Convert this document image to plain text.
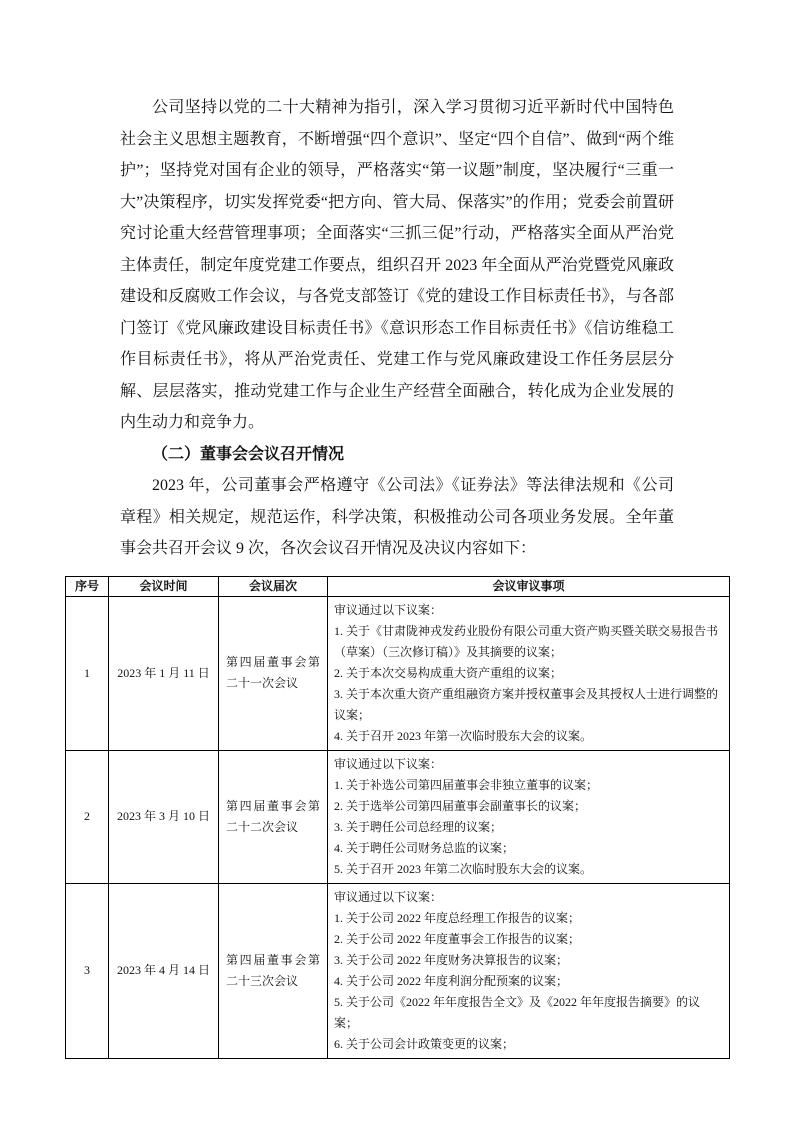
公司坚持以党的二十大精神为指引，深入学习贯彻习近平新时代中国特色社会主义思想主题教育，不断增强“四个意识”、坚定“四个自信”、做到“两个维护”；坚持党对国有企业的领导，严格落实“第一议题”制度，坚决履行“三重一大”决策程序，切实发挥党委“把方向、管大局、保落实”的作用；党委会前置研究讨论重大经营管理事项；全面落实“三抓三促”行动，严格落实全面从严治党主体责任，制定年度党建工作要点，组织召开 2023 年全面从严治党暨党风廉政建设和反腐败工作会议，与各党支部签订《党的建设工作目标责任书》，与各部门签订《党风廉政建设目标责任书》《意识形态工作目标责任书》《信访维稳工作目标责任书》，将从严治党责任、党建工作与党风廉政建设工作任务层层分解、层层落实，推动党建工作与企业生产经营全面融合，转化成为企业发展的内生动力和竞争力。

（二）董事会会议召开情况

2023 年，公司董事会严格遵守《公司法》《证券法》等法律法规和《公司章程》相关规定，规范运作，科学决策，积极推动公司各项业务发展。全年董事会共召开会议 9 次，各次会议召开情况及决议内容如下：

序号	会议时间	会议届次	会议审议事项
1	2023 年 1 月 11 日	第四届董事会第二十一次会议	审议通过以下议案：
1. 关于《甘肃陇神戎发药业股份有限公司重大资产购买暨关联交易报告书（草案）（三次修订稿）》及其摘要的议案；
2. 关于本次交易构成重大资产重组的议案；
3. 关于本次重大资产重组融资方案并授权董事会及其授权人士进行调整的议案；
4. 关于召开 2023 年第一次临时股东大会的议案。

2	2023 年 3 月 10 日	第四届董事会第二十二次会议	
审议通过以下议案：
1. 关于补选公司第四届董事会非独立董事的议案；
2. 关于选举公司第四届董事会副董事长的议案；
3. 关于聘任公司总经理的议案；
4. 关于聘任公司财务总监的议案；
5. 关于召开 2023 年第二次临时股东大会的议案。

3	2023 年 4 月 14 日	第四届董事会第二十三次会议	
审议通过以下议案：
1. 关于公司 2022 年度总经理工作报告的议案；
2. 关于公司 2022 年度董事会工作报告的议案；
3. 关于公司 2022 年度财务决算报告的议案；
4. 关于公司 2022 年度利润分配预案的议案；
5. 关于公司《2022 年年度报告全文》及《2022 年年度报告摘要》的议案；
6. 关于公司会计政策变更的议案；
